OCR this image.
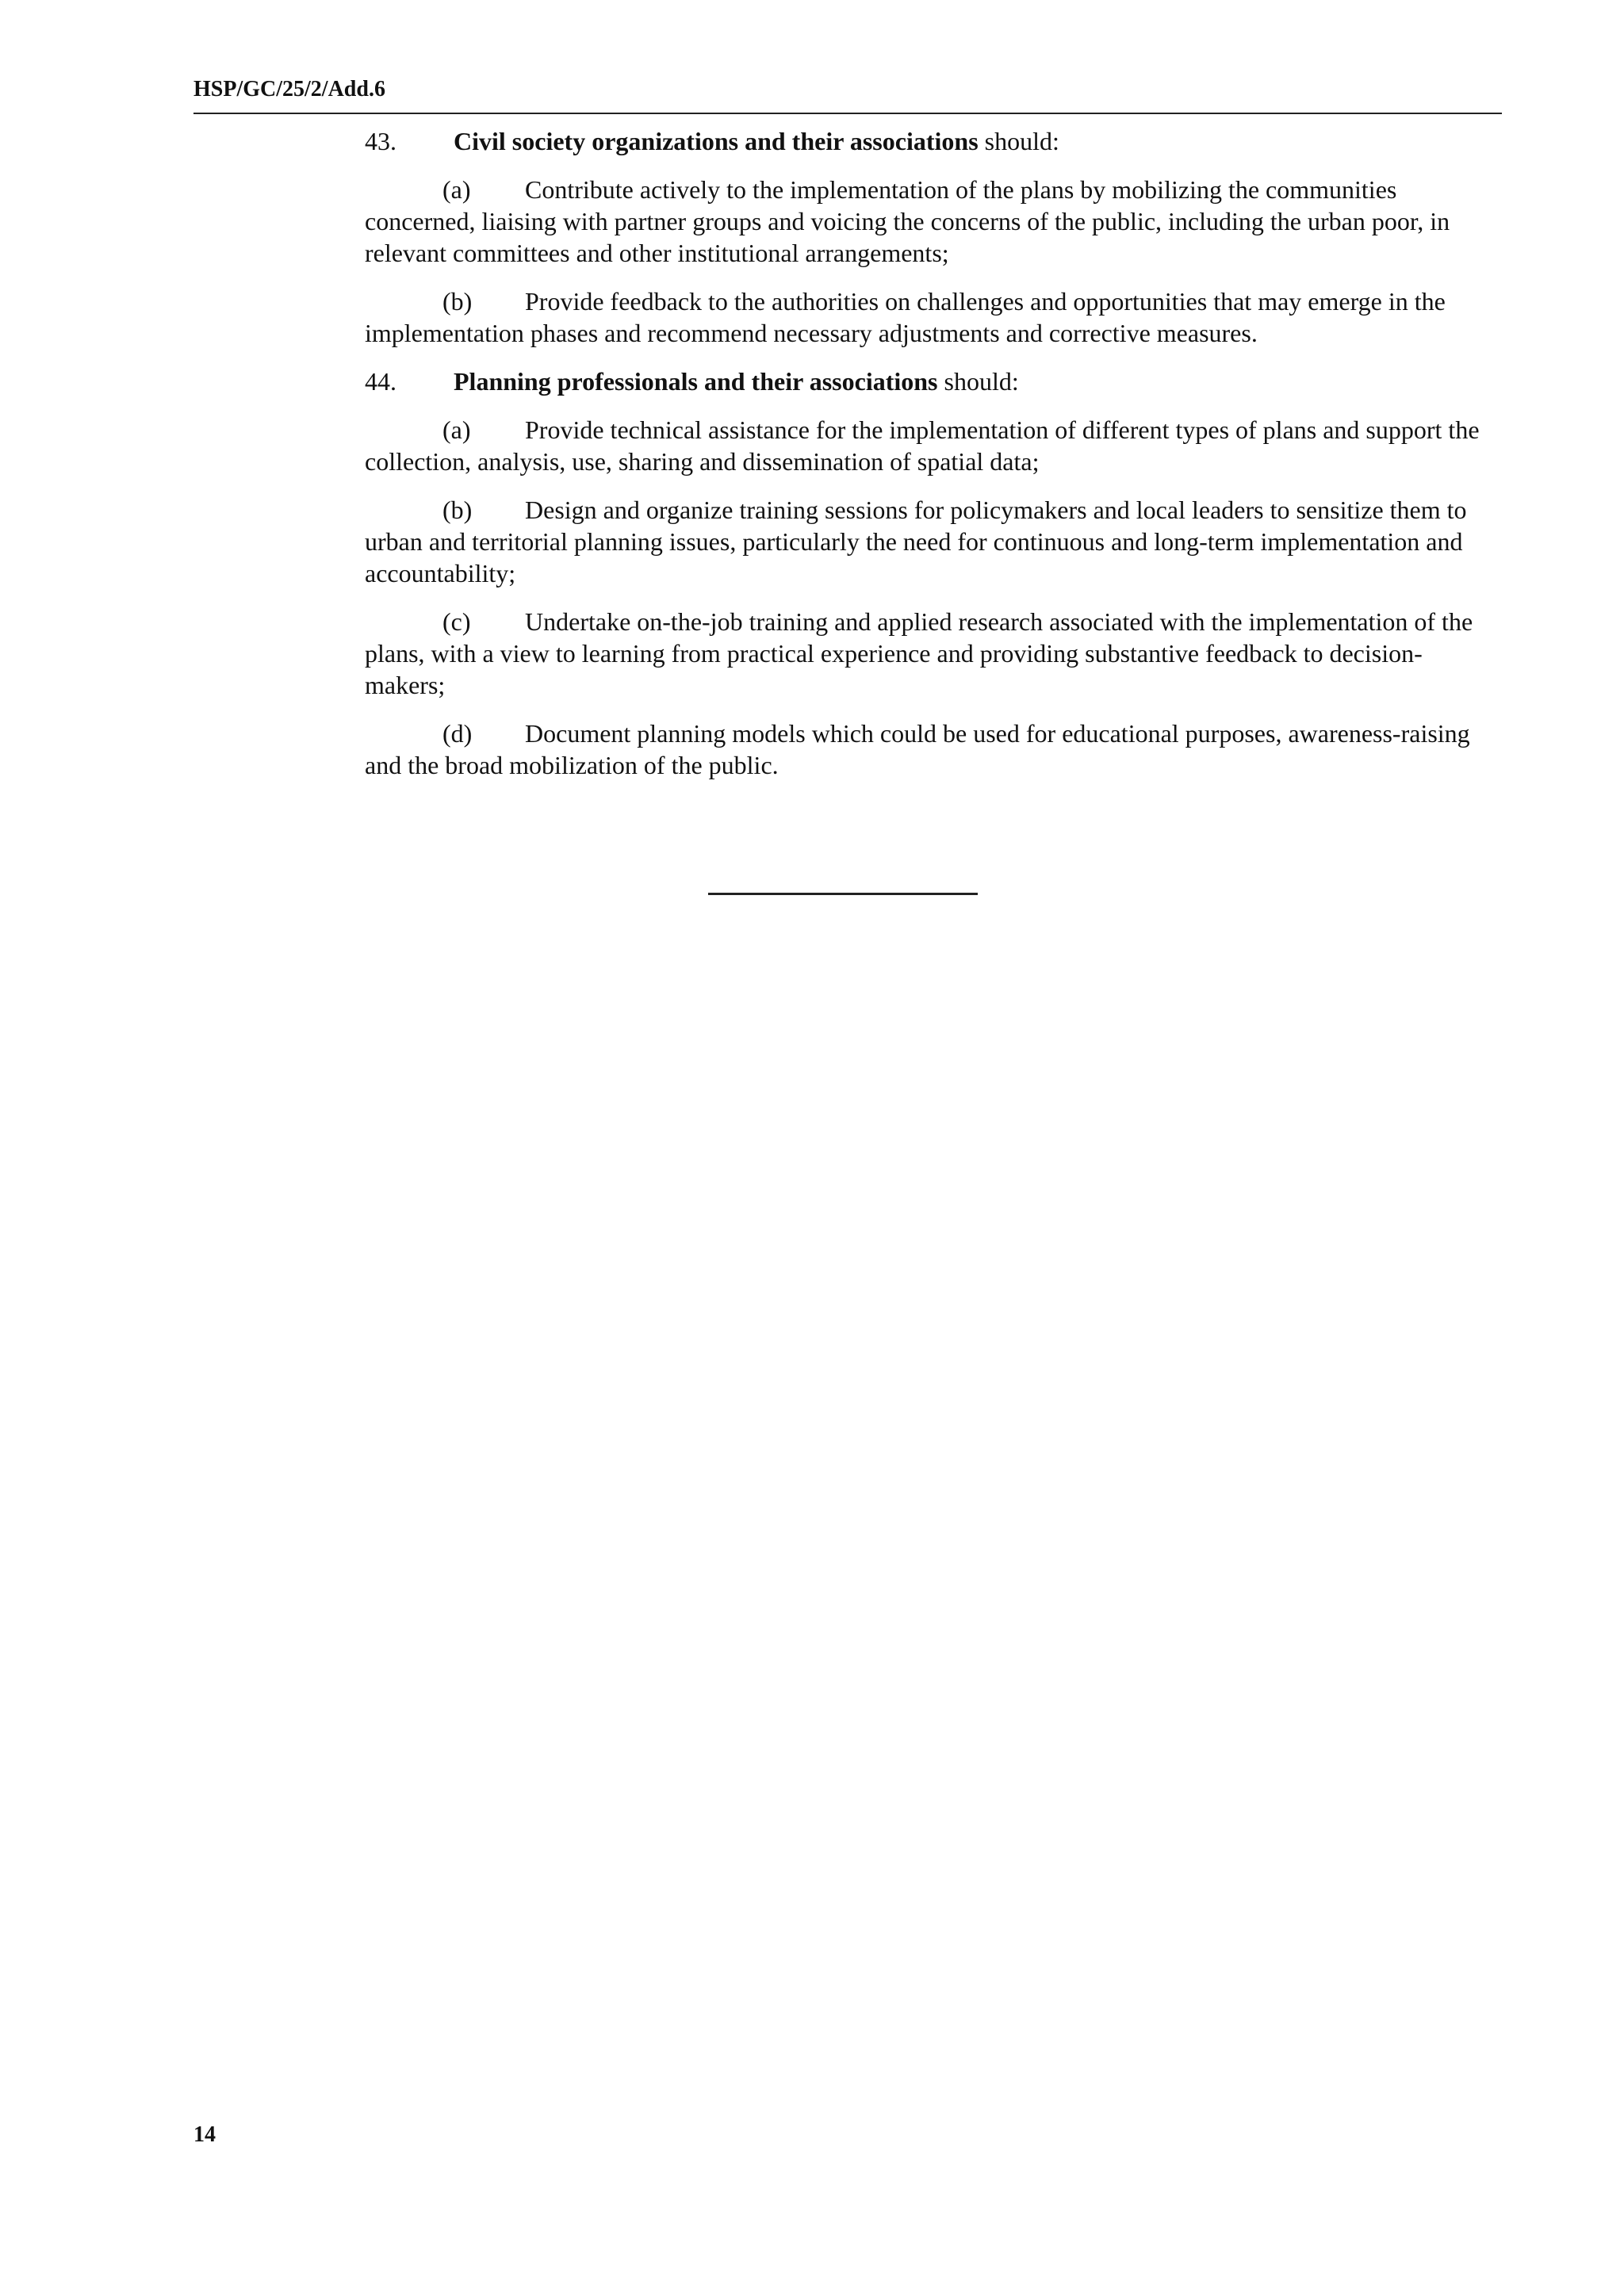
HSP/GC/25/2/Add.6
43.	Civil society organizations and their associations should:

(a) Contribute actively to the implementation of the plans by mobilizing the communities concerned, liaising with partner groups and voicing the concerns of the public, including the urban poor, in relevant committees and other institutional arrangements;

(b) Provide feedback to the authorities on challenges and opportunities that may emerge in the implementation phases and recommend necessary adjustments and corrective measures.

44.	Planning professionals and their associations should:

(a) Provide technical assistance for the implementation of different types of plans and support the collection, analysis, use, sharing and dissemination of spatial data;

(b) Design and organize training sessions for policymakers and local leaders to sensitize them to urban and territorial planning issues, particularly the need for continuous and long-term implementation and accountability;

(c) Undertake on-the-job training and applied research associated with the implementation of the plans, with a view to learning from practical experience and providing substantive feedback to decision-makers;

(d) Document planning models which could be used for educational purposes, awareness-raising and the broad mobilization of the public.

14
